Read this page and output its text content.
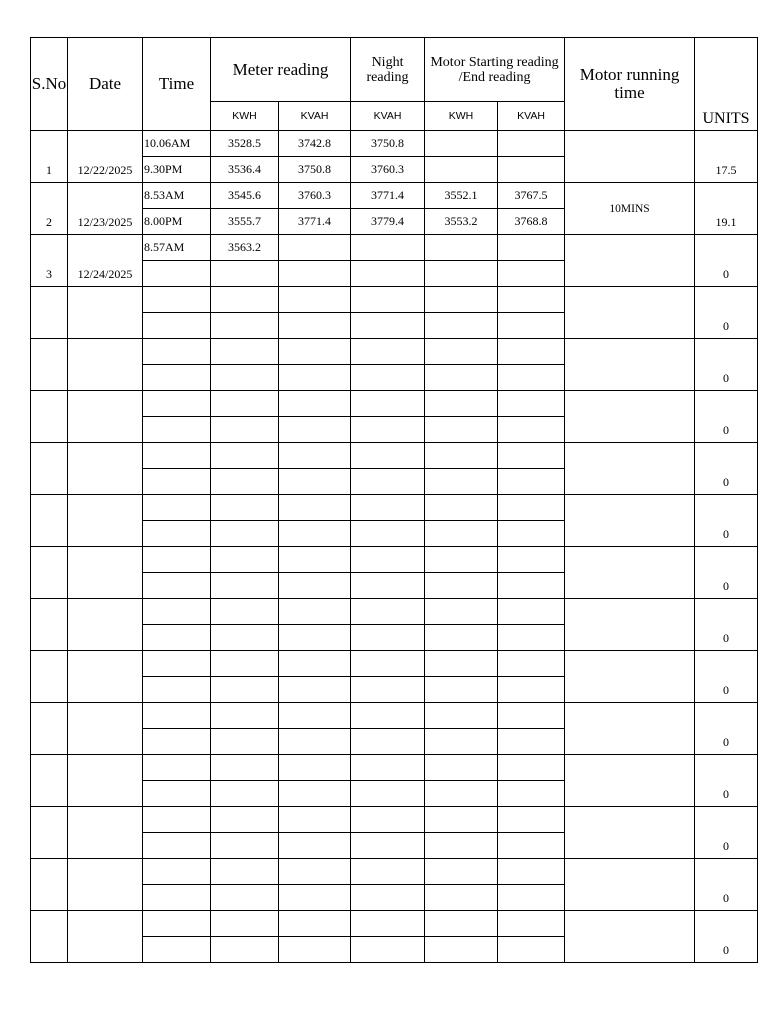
S.No	Date	Time	Meter reading		Night reading	Motor Starting reading /End reading		Motor running time	UNITS
			KWH	KVAH	KVAH	KWH	KVAH		
1	12/22/2025	10.06AM	3528.5	3742.8	3750.8				17.5
		9.30PM	3536.4	3750.8	3760.3				
2	12/23/2025	8.53AM	3545.6	3760.3	3771.4	3552.1	3767.5	10MINS	19.1
		8.00PM	3555.7	3771.4	3779.4	3553.2	3768.8		
3	12/24/2025	8.57AM	3563.2						0

									0

									0

									0

									0

									0

									0

									0

									0

									0

									0

									0

									0

									0
